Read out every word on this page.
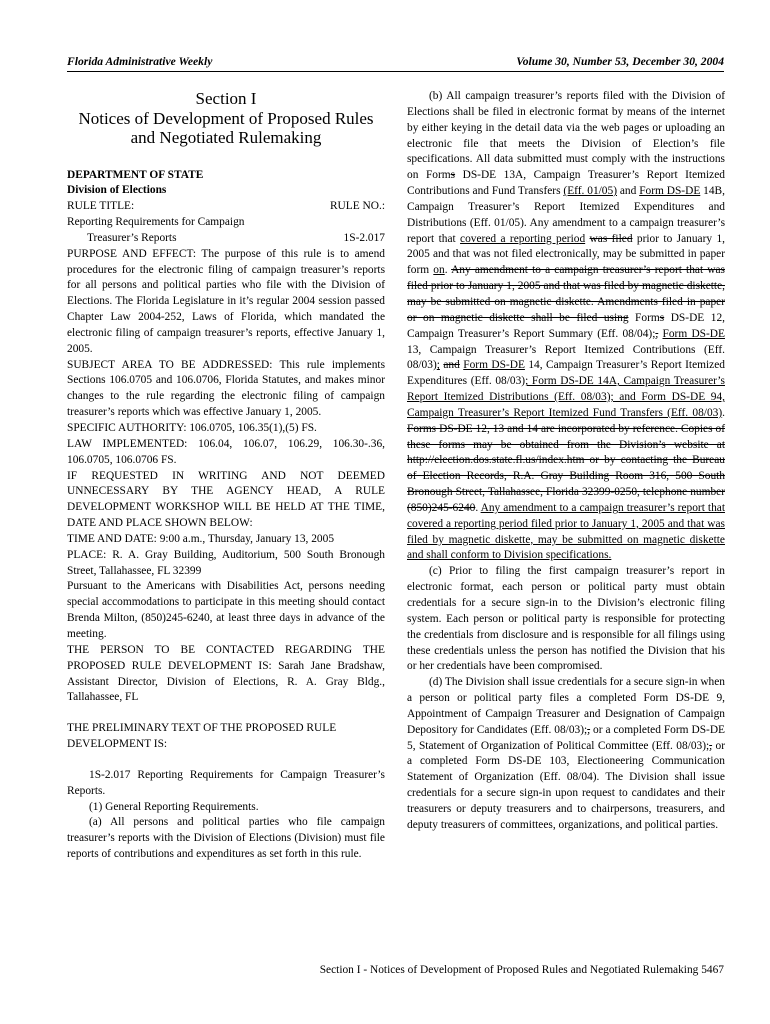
Florida Administrative Weekly	Volume 30, Number 53, December 30, 2004
Section I
Notices of Development of Proposed Rules
and Negotiated Rulemaking

DEPARTMENT OF STATE

Division of Elections

RULE TITLE:	RULE NO.:

Reporting Requirements for Campaign

Treasurer’s Reports	1S-2.017

PURPOSE AND EFFECT: The purpose of this rule is to amend procedures for the electronic filing of campaign treasurer’s reports for all persons and political parties who file with the Division of Elections. The Florida Legislature in it’s regular 2004 session passed Chapter Law 2004-252, Laws of Florida, which mandated the electronic filing of campaign treasurer’s reports, effective January 1, 2005.

SUBJECT AREA TO BE ADDRESSED: This rule implements Sections 106.0705 and 106.0706, Florida Statutes, and makes minor changes to the rule regarding the electronic filing of campaign treasurer’s reports which was effective January 1, 2005.

SPECIFIC AUTHORITY: 106.0705, 106.35(1),(5) FS.

LAW IMPLEMENTED: 106.04, 106.07, 106.29, 106.30-.36, 106.0705, 106.0706 FS.

IF REQUESTED IN WRITING AND NOT DEEMED UNNECESSARY BY THE AGENCY HEAD, A RULE DEVELOPMENT WORKSHOP WILL BE HELD AT THE TIME, DATE AND PLACE SHOWN BELOW:

TIME AND DATE: 9:00 a.m., Thursday, January 13, 2005

PLACE: R. A. Gray Building, Auditorium, 500 South Bronough Street, Tallahassee, FL 32399

Pursuant to the Americans with Disabilities Act, persons needing special accommodations to participate in this meeting should contact Brenda Milton, (850)245-6240, at least three days in advance of the meeting.

THE PERSON TO BE CONTACTED REGARDING THE PROPOSED RULE DEVELOPMENT IS: Sarah Jane Bradshaw, Assistant Director, Division of Elections, R. A. Gray Bldg., Tallahassee, FL

THE PRELIMINARY TEXT OF THE PROPOSED RULE DEVELOPMENT IS:

1S-2.017 Reporting Requirements for Campaign Treasurer’s Reports.

(1) General Reporting Requirements.

(a) All persons and political parties who file campaign treasurer’s reports with the Division of Elections (Division) must file reports of contributions and expenditures as set forth in this rule.

(b) All campaign treasurer’s reports filed with the Division of Elections shall be filed in electronic format by means of the internet by either keying in the detail data via the web pages or uploading an electronic file that meets the Division of Election’s file specifications. All data submitted must comply with the instructions on Forms DS-DE 13A, Campaign Treasurer’s Report Itemized Contributions and Fund Transfers (Eff. 01/05) and Form DS-DE 14B, Campaign Treasurer’s Report Itemized Expenditures and Distributions (Eff. 01/05). Any amendment to a campaign treasurer’s report that covered a reporting period was filed prior to January 1, 2005 and that was not filed electronically, may be submitted in paper form on. Any amendment to a campaign treasurer’s report that was filed prior to January 1, 2005 and that was filed by magnetic diskette, may be submitted on magnetic diskette. Amendments filed in paper or on magnetic diskette shall be filed using Forms DS-DE 12, Campaign Treasurer’s Report Summary (Eff. 08/04);, Form DS-DE 13, Campaign Treasurer’s Report Itemized Contributions (Eff. 08/03); and Form DS-DE 14, Campaign Treasurer’s Report Itemized Expenditures (Eff. 08/03); Form DS-DE 14A, Campaign Treasurer’s Report Itemized Distributions (Eff. 08/03); and Form DS-DE 94, Campaign Treasurer’s Report Itemized Fund Transfers (Eff. 08/03). Forms DS-DE 12, 13 and 14 are incorporated by reference. Copies of these forms may be obtained from the Division’s website at http://election.dos.state.fl.us/index.htm or by contacting the Bureau of Election Records, R.A. Gray Building Room 316, 500 South Bronough Street, Tallahassee, Florida 32399-0250, telephone number (850)245-6240. Any amendment to a campaign treasurer’s report that covered a reporting period filed prior to January 1, 2005 and that was filed by magnetic diskette, may be submitted on magnetic diskette and shall conform to Division specifications.

(c) Prior to filing the first campaign treasurer’s report in electronic format, each person or political party must obtain credentials for a secure sign-in to the Division’s electronic filing system. Each person or political party is responsible for protecting the credentials from disclosure and is responsible for all filings using these credentials unless the person has notified the Division that his or her credentials have been compromised.

(d) The Division shall issue credentials for a secure sign-in when a person or political party files a completed Form DS-DE 9, Appointment of Campaign Treasurer and Designation of Campaign Depository for Candidates (Eff. 08/03);, or a completed Form DS-DE 5, Statement of Organization of Political Committee (Eff. 08/03);, or a completed Form DS-DE 103, Electioneering Communication Statement of Organization (Eff. 08/04). The Division shall issue credentials for a secure sign-in upon request to candidates and their treasurers or deputy treasurers and to chairpersons, treasurers, and deputy treasurers of committees, organizations, and political parties.

Section I - Notices of Development of Proposed Rules and Negotiated Rulemaking 5467
